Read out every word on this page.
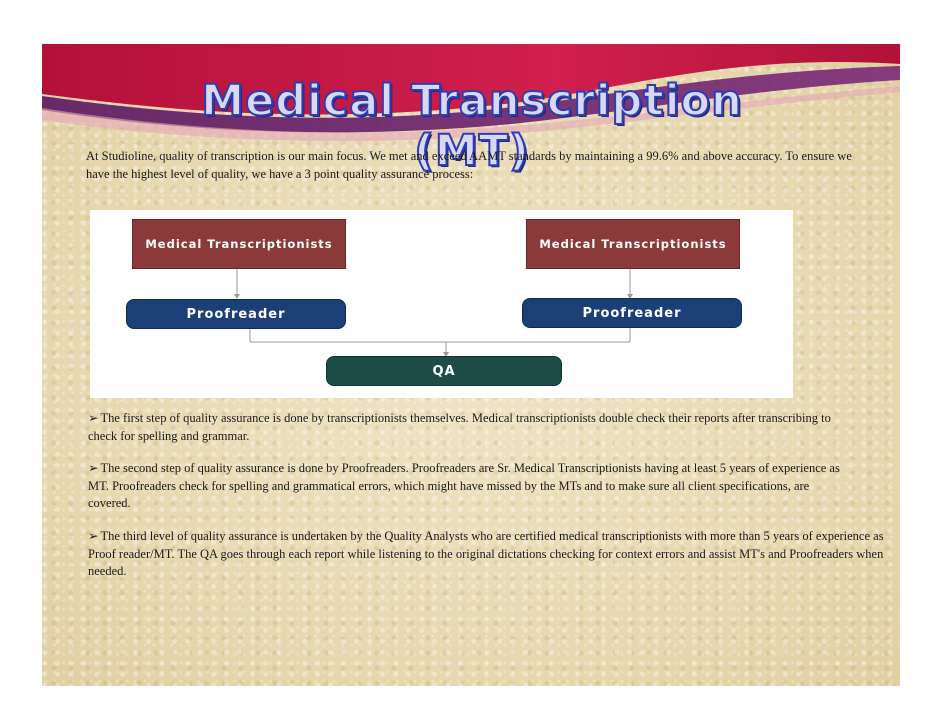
Medical Transcription (MT)

At Studioline, quality of transcription is our main focus. We met and exceed AAMT standards by maintaining a 99.6% and above accuracy. To ensure we have the highest level of quality, we have a 3 point quality assurance process:

Medical Transcriptionists	Medical Transcriptionists
Proofreader	Proofreader
QA

➢ The first step of quality assurance is done by transcriptionists themselves. Medical transcriptionists double check their reports after transcribing to check for spelling and grammar.

➢ The second step of quality assurance is done by Proofreaders. Proofreaders are Sr. Medical Transcriptionists having at least 5 years of experience as MT. Proofreaders check for spelling and grammatical errors, which might have missed by the MTs and to make sure all client specifications, are covered.

➢ The third level of quality assurance is undertaken by the Quality Analysts who are certified medical transcriptionists with more than 5 years of experience as Proof reader/MT. The QA goes through each report while listening to the original dictations checking for context errors and assist MT's and Proofreaders when needed.
